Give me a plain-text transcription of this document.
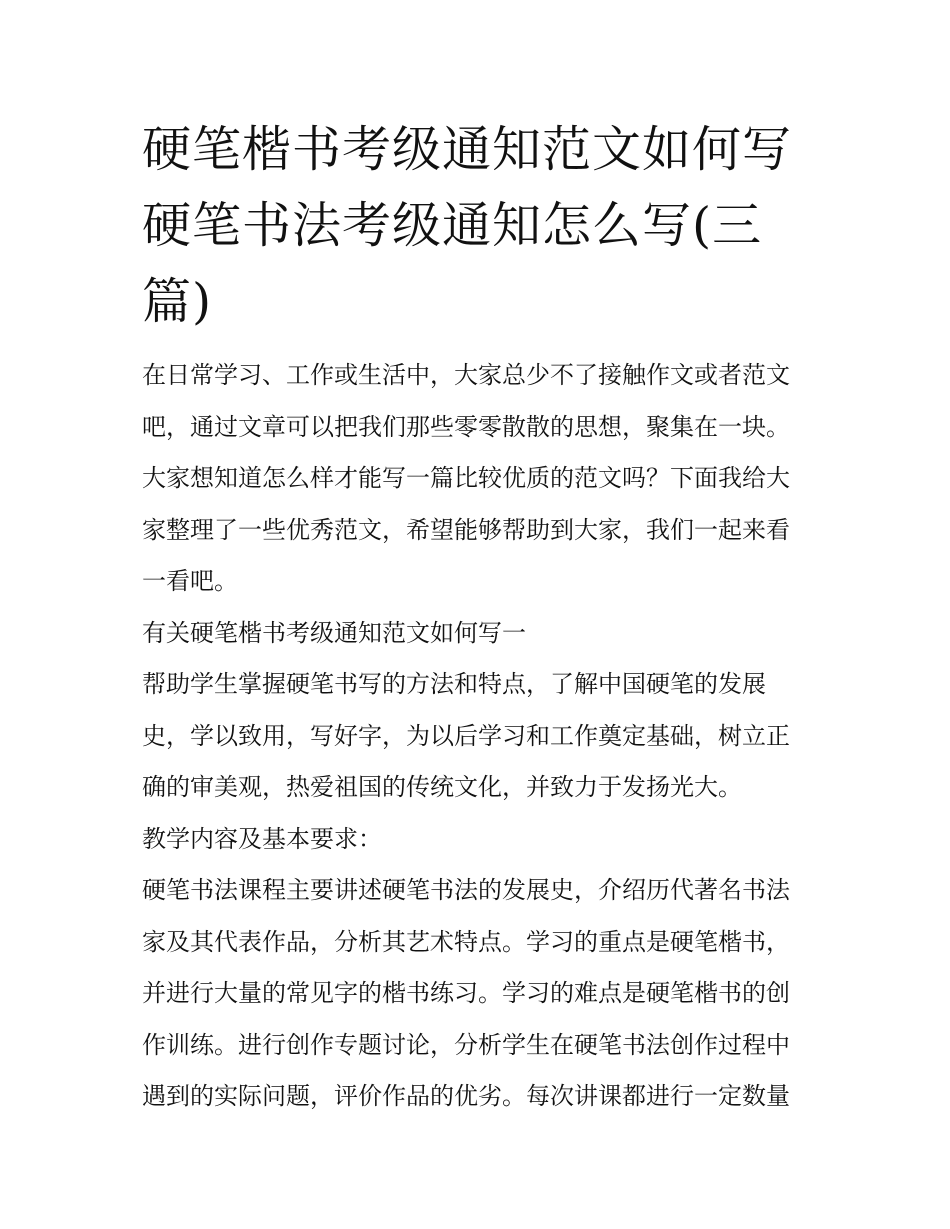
硬笔楷书考级通知范文如何写硬笔书法考级通知怎么写(三篇)

在日常学习、工作或生活中，大家总少不了接触作文或者范文吧，通过文章可以把我们那些零零散散的思想，聚集在一块。大家想知道怎么样才能写一篇比较优质的范文吗？下面我给大家整理了一些优秀范文，希望能够帮助到大家，我们一起来看一看吧。

有关硬笔楷书考级通知范文如何写一

帮助学生掌握硬笔书写的方法和特点，了解中国硬笔的发展史，学以致用，写好字，为以后学习和工作奠定基础，树立正确的审美观，热爱祖国的传统文化，并致力于发扬光大。

教学内容及基本要求：

硬笔书法课程主要讲述硬笔书法的发展史，介绍历代著名书法家及其代表作品，分析其艺术特点。学习的重点是硬笔楷书，并进行大量的常见字的楷书练习。学习的难点是硬笔楷书的创作训练。进行创作专题讨论，分析学生在硬笔书法创作过程中遇到的实际问题，评价作品的优劣。每次讲课都进行一定数量
